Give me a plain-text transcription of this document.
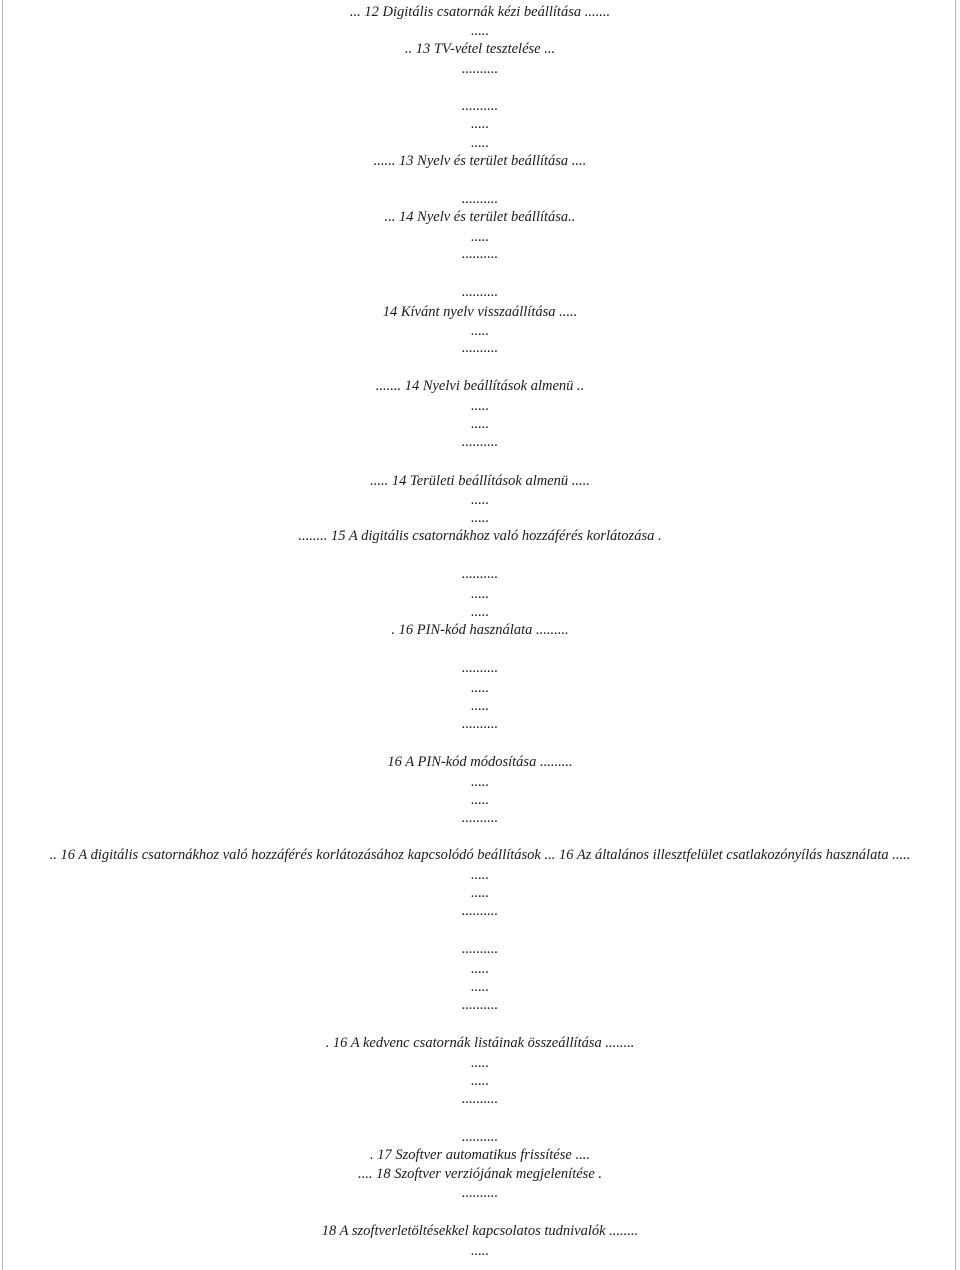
... 12 Digitális csatornák kézi beállítása .......
.....
.. 13 TV-vétel tesztelése ...
..........
..........
.....
.....
...... 13 Nyelv és terület beállítása ....
..........
... 14 Nyelv és terület beállítása..
.....
..........
..........
14 Kívánt nyelv visszaállítása .....
.....
..........
....... 14 Nyelvi beállítások almenü ..
.....
.....
..........
..... 14 Területi beállítások almenü .....
.....
.....
........ 15 A digitális csatornákhoz való hozzáférés korlátozása .
..........
.....
.....
. 16 PIN-kód használata .........
..........
.....
.....
..........
16 A PIN-kód módosítása .........
.....
.....
..........
.. 16 A digitális csatornákhoz való hozzáférés korlátozásához kapcsolódó beállítások ... 16 Az általános illesztfelület csatlakozónyílás használata .....
.....
.....
..........
..........
.....
.....
..........
. 16 A kedvenc csatornák listáinak összeállítása ........
.....
.....
..........
..........
. 17 Szoftver automatikus frissítése ....
.... 18 Szoftver verziójának megjelenítése .
..........
18 A szoftverletöltésekkel kapcsolatos tudnivalók ........
.....
